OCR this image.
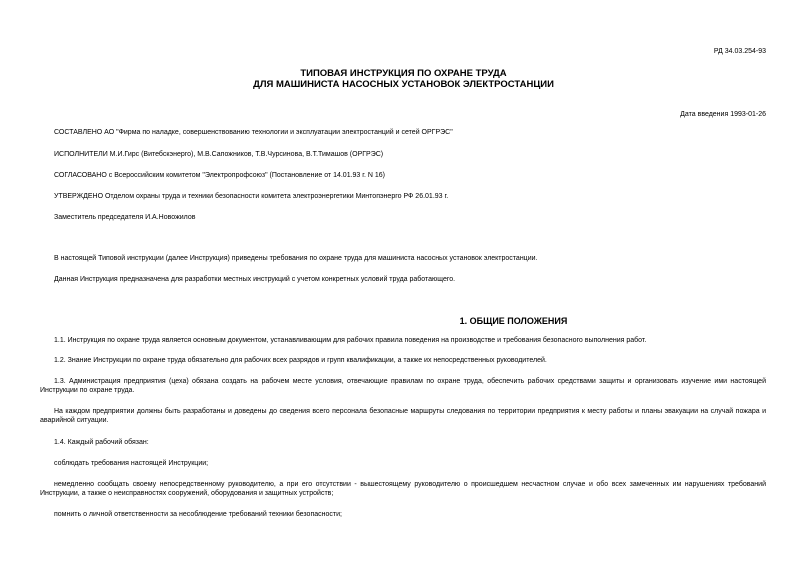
РД 34.03.254-93
ТИПОВАЯ ИНСТРУКЦИЯ ПО ОХРАНЕ ТРУДА
ДЛЯ МАШИНИСТА НАСОСНЫХ УСТАНОВОК ЭЛЕКТРОСТАНЦИИ
Дата введения 1993-01-26
СОСТАВЛЕНО АО "Фирма по наладке, совершенствованию технологии и эксплуатации электростанций и сетей ОРГРЭС"
ИСПОЛНИТЕЛИ М.И.Гирс (Витебскэнерго), М.В.Сапожников, Т.В.Чурсинова, В.Т.Тимашов (ОРГРЭС)
СОГЛАСОВАНО с Всероссийским комитетом "Электропрофсоюз" (Постановление от 14.01.93 г. N 16)
УТВЕРЖДЕНО Отделом охраны труда и техники безопасности комитета электроэнергетики Минтопэнерго РФ 26.01.93 г.
Заместитель председателя И.А.Новожилов
В настоящей Типовой инструкции (далее Инструкция) приведены требования по охране труда для машиниста насосных установок электростанции.
Данная Инструкция предназначена для разработки местных инструкций с учетом конкретных условий труда работающего.
1. ОБЩИЕ ПОЛОЖЕНИЯ
1.1. Инструкция по охране труда является основным документом, устанавливающим для рабочих правила поведения на производстве и требования безопасного выполнения работ.
1.2. Знание Инструкции по охране труда обязательно для рабочих всех разрядов и групп квалификации, а также их непосредственных руководителей.
1.3. Администрация предприятия (цеха) обязана создать на рабочем месте условия, отвечающие правилам по охране труда, обеспечить рабочих средствами защиты и организовать изучение ими настоящей Инструкции по охране труда.
На каждом предприятии должны быть разработаны и доведены до сведения всего персонала безопасные маршруты следования по территории предприятия к месту работы и планы эвакуации на случай пожара и аварийной ситуации.
1.4. Каждый рабочий обязан:
соблюдать требования настоящей Инструкции;
немедленно сообщать своему непосредственному руководителю, а при его отсутствии - вышестоящему руководителю о происшедшем несчастном случае и обо всех замеченных им нарушениях требований Инструкции, а также о неисправностях сооружений, оборудования и защитных устройств;
помнить о личной ответственности за несоблюдение требований техники безопасности;
